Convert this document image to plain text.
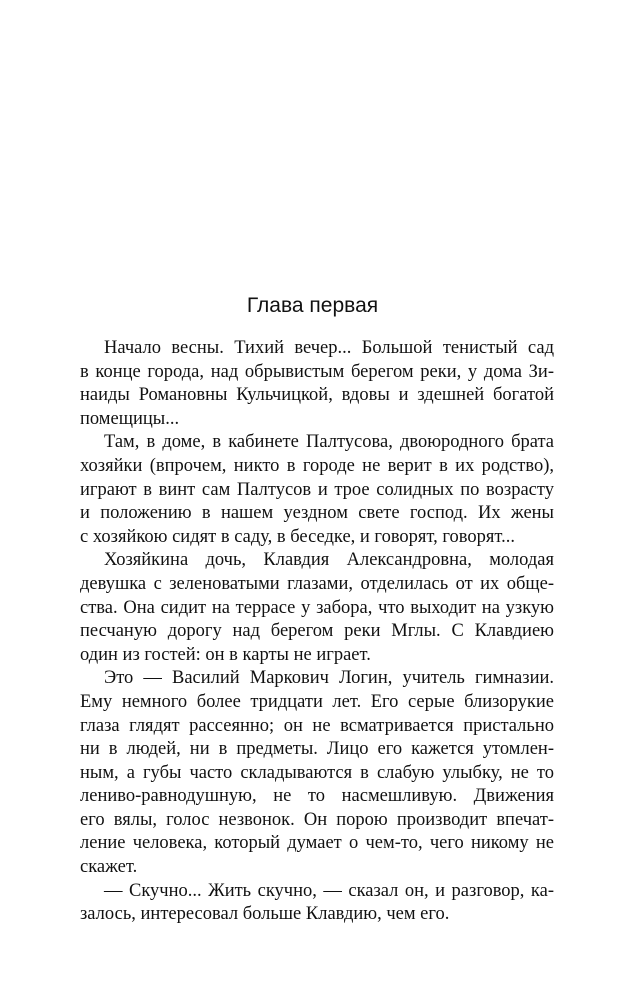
Глава первая
Начало весны. Тихий вечер... Большой тенистый сад
в конце города, над обрывистым берегом реки, у дома Зи-
наиды Романовны Кульчицкой, вдовы и здешней богатой
помещицы...
Там, в доме, в кабинете Палтусова, двоюродного брата
хозяйки (впрочем, никто в городе не верит в их родство),
играют в винт сам Палтусов и трое солидных по возрасту
и положению в нашем уездном свете господ. Их жены
с хозяйкою сидят в саду, в беседке, и говорят, говорят...
Хозяйкина дочь, Клавдия Александровна, молодая
девушка с зеленоватыми глазами, отделилась от их обще-
ства. Она сидит на террасе у забора, что выходит на узкую
песчаную дорогу над берегом реки Мглы. С Клавдиею
один из гостей: он в карты не играет.
Это — Василий Маркович Логин, учитель гимназии.
Ему немного более тридцати лет. Его серые близорукие
глаза глядят рассеянно; он не всматривается пристально
ни в людей, ни в предметы. Лицо его кажется утомлен-
ным, а губы часто складываются в слабую улыбку, не то
лениво-равнодушную, не то насмешливую. Движения
его вялы, голос незвонок. Он порою производит впечат-
ление человека, который думает о чем-то, чего никому не
скажет.
— Скучно... Жить скучно, — сказал он, и разговор, ка-
залось, интересовал больше Клавдию, чем его.
